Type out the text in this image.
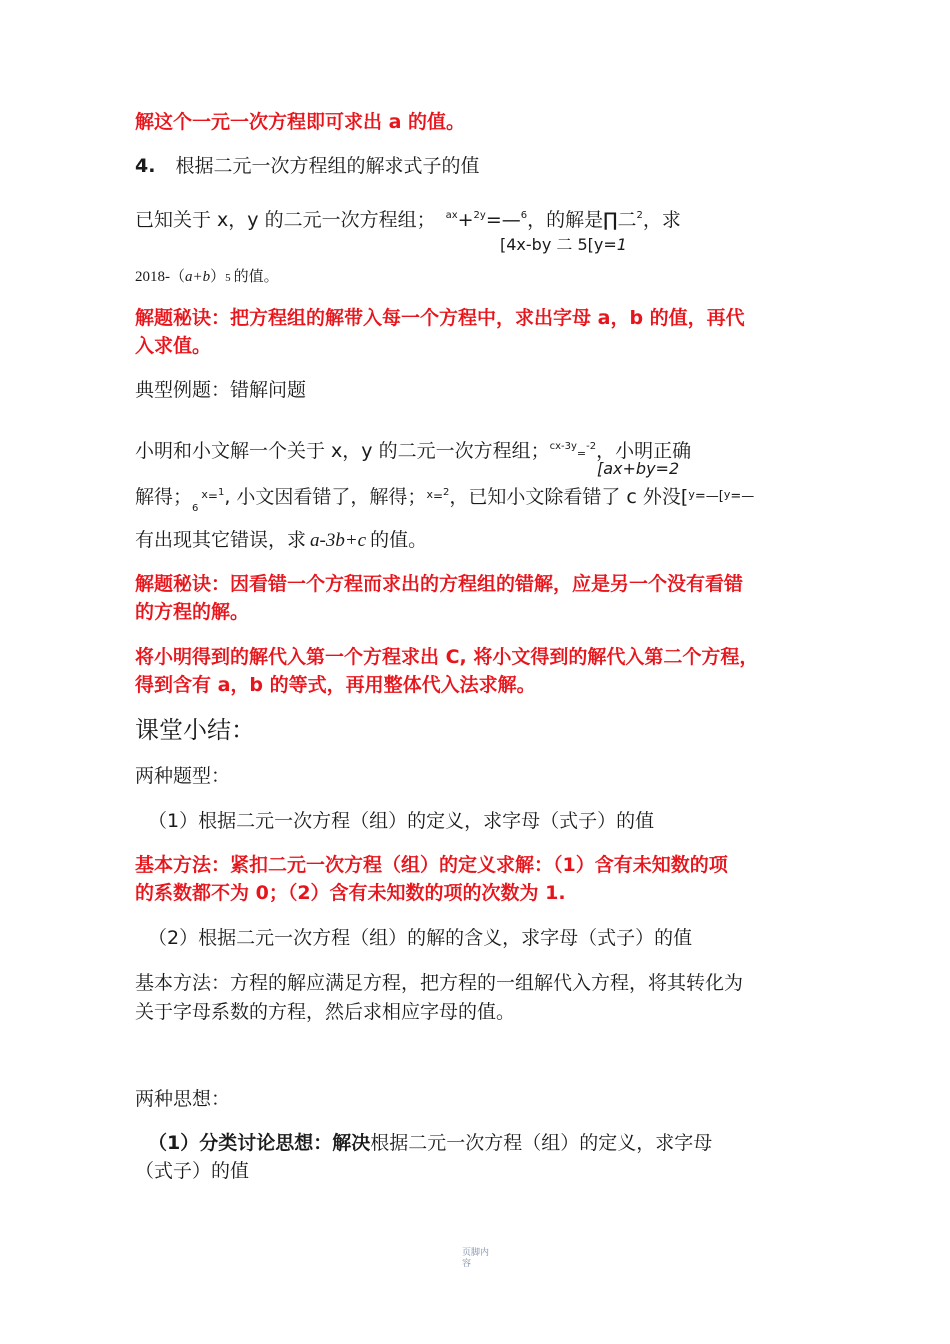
解这个一元一次方程即可求出 a 的值。
4. 根据二元一次方程组的解求式子的值
已知关于 x，y 的二元一次方程组； $^{ax}$+$^{2y}$=—$^6$，的解是∏二$^2$，求
[4x-by 二 5[y=1
2018-（a+b）5 的值。
解题秘诀：把方程组的解带入每一个方程中，求出字母 a，b 的值，再代
入求值。
典型例题：错解问题
小明和小文解一个关于 x，y 的二元一次方程组；$^{cx-3y}$=$^{-2}$，小明正确
[ax+by=2
解得；$_6^x$=$^1$, 小文因看错了，解得；$^x$=$^2$，已知小文除看错了 c 外没[$^y$=—[$^y$=—
有出现其它错误，求 a-3b+c 的值。
解题秘诀：因看错一个方程而求出的方程组的错解，应是另一个没有看错
的方程的解。
将小明得到的解代入第一个方程求出 C, 将小文得到的解代入第二个方程，
得到含有 a，b 的等式，再用整体代入法求解。
课堂小结：
两种题型：
（1）根据二元一次方程（组）的定义，求字母（式子）的值
基本方法：紧扣二元一次方程（组）的定义求解：（1）含有未知数的项
的系数都不为 0；（2）含有未知数的项的次数为 1.
（2）根据二元一次方程（组）的解的含义，求字母（式子）的值
基本方法：方程的解应满足方程，把方程的一组解代入方程，将其转化为
关于字母系数的方程，然后求相应字母的值。
两种思想：
（1）分类讨论思想：解决根据二元一次方程（组）的定义，求字母
（式子）的值
页脚内
容
